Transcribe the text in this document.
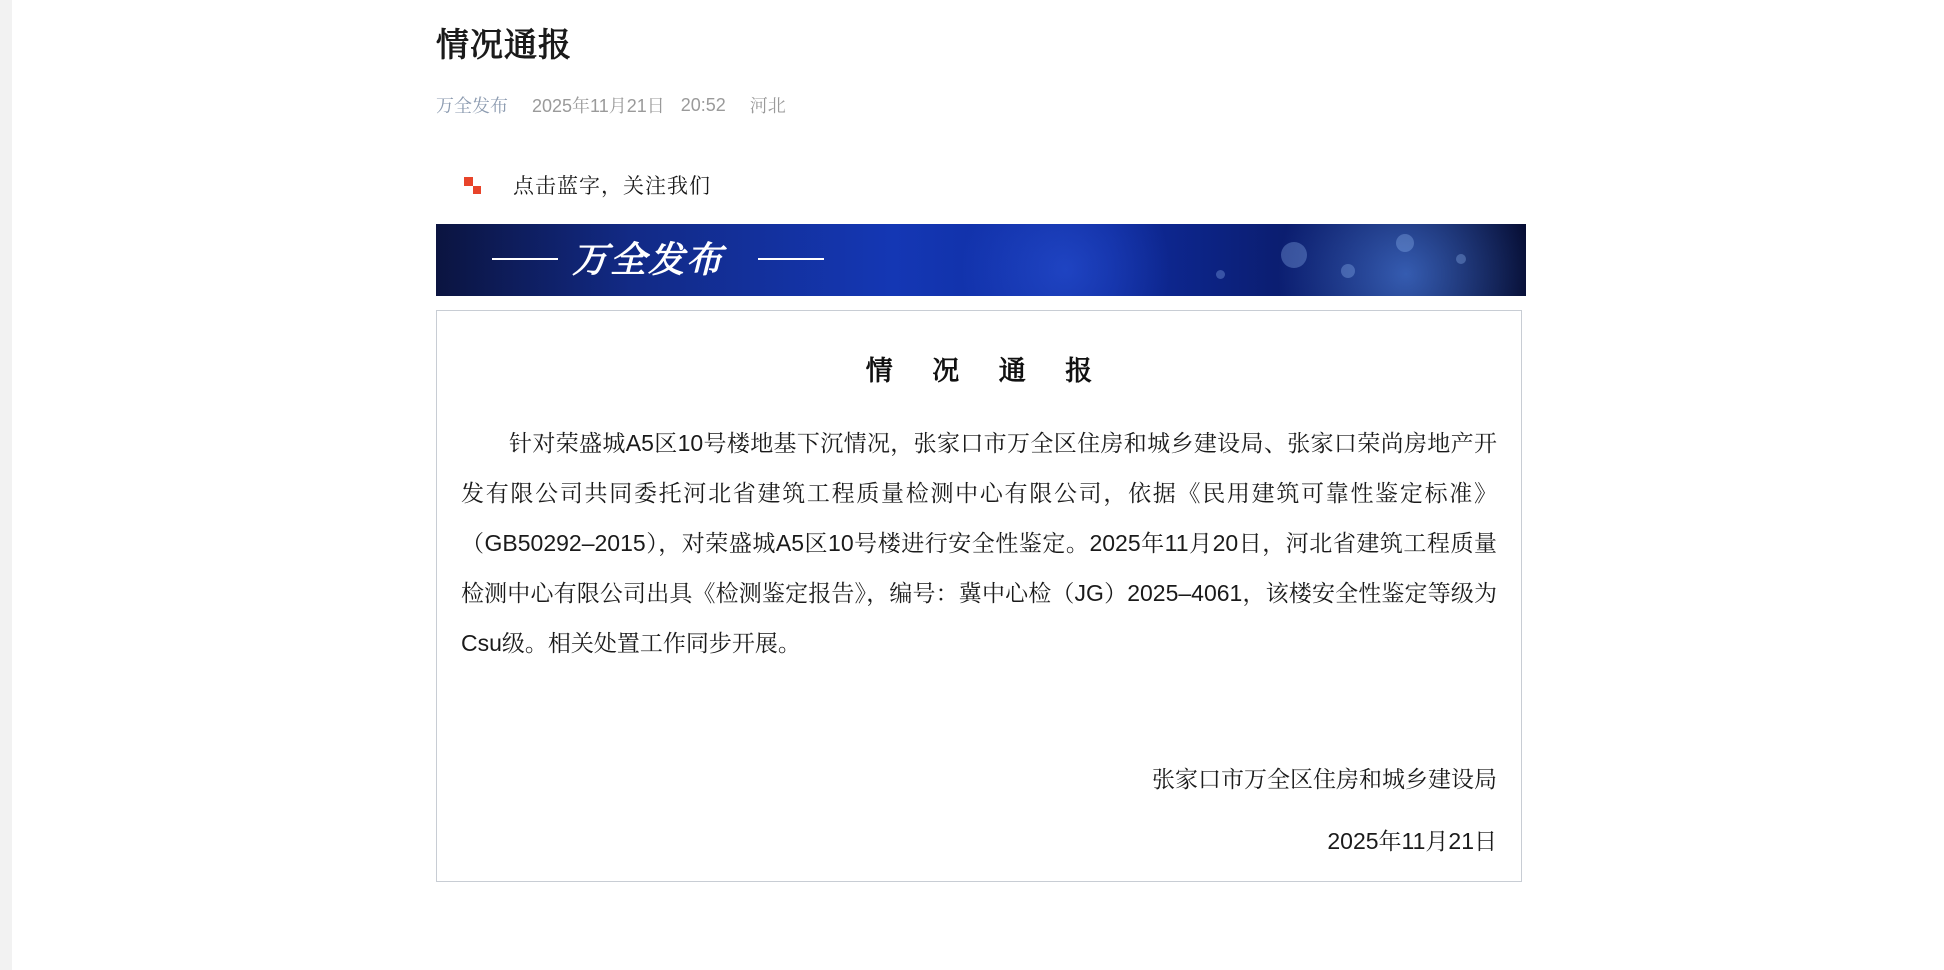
情况通报
万全发布 2025年11月21日 20:52 河北
点击蓝字，关注我们
万全发布
情 况 通 报
针对荣盛城A5区10号楼地基下沉情况，张家口市万全区住房和城乡建设局、张家口荣尚房地产开发有限公司共同委托河北省建筑工程质量检测中心有限公司，依据《民用建筑可靠性鉴定标准》（GB50292–2015），对荣盛城A5区10号楼进行安全性鉴定。2025年11月20日，河北省建筑工程质量检测中心有限公司出具《检测鉴定报告》，编号：冀中心检（JG）2025–4061，该楼安全性鉴定等级为Csu级。相关处置工作同步开展。
张家口市万全区住房和城乡建设局
2025年11月21日
